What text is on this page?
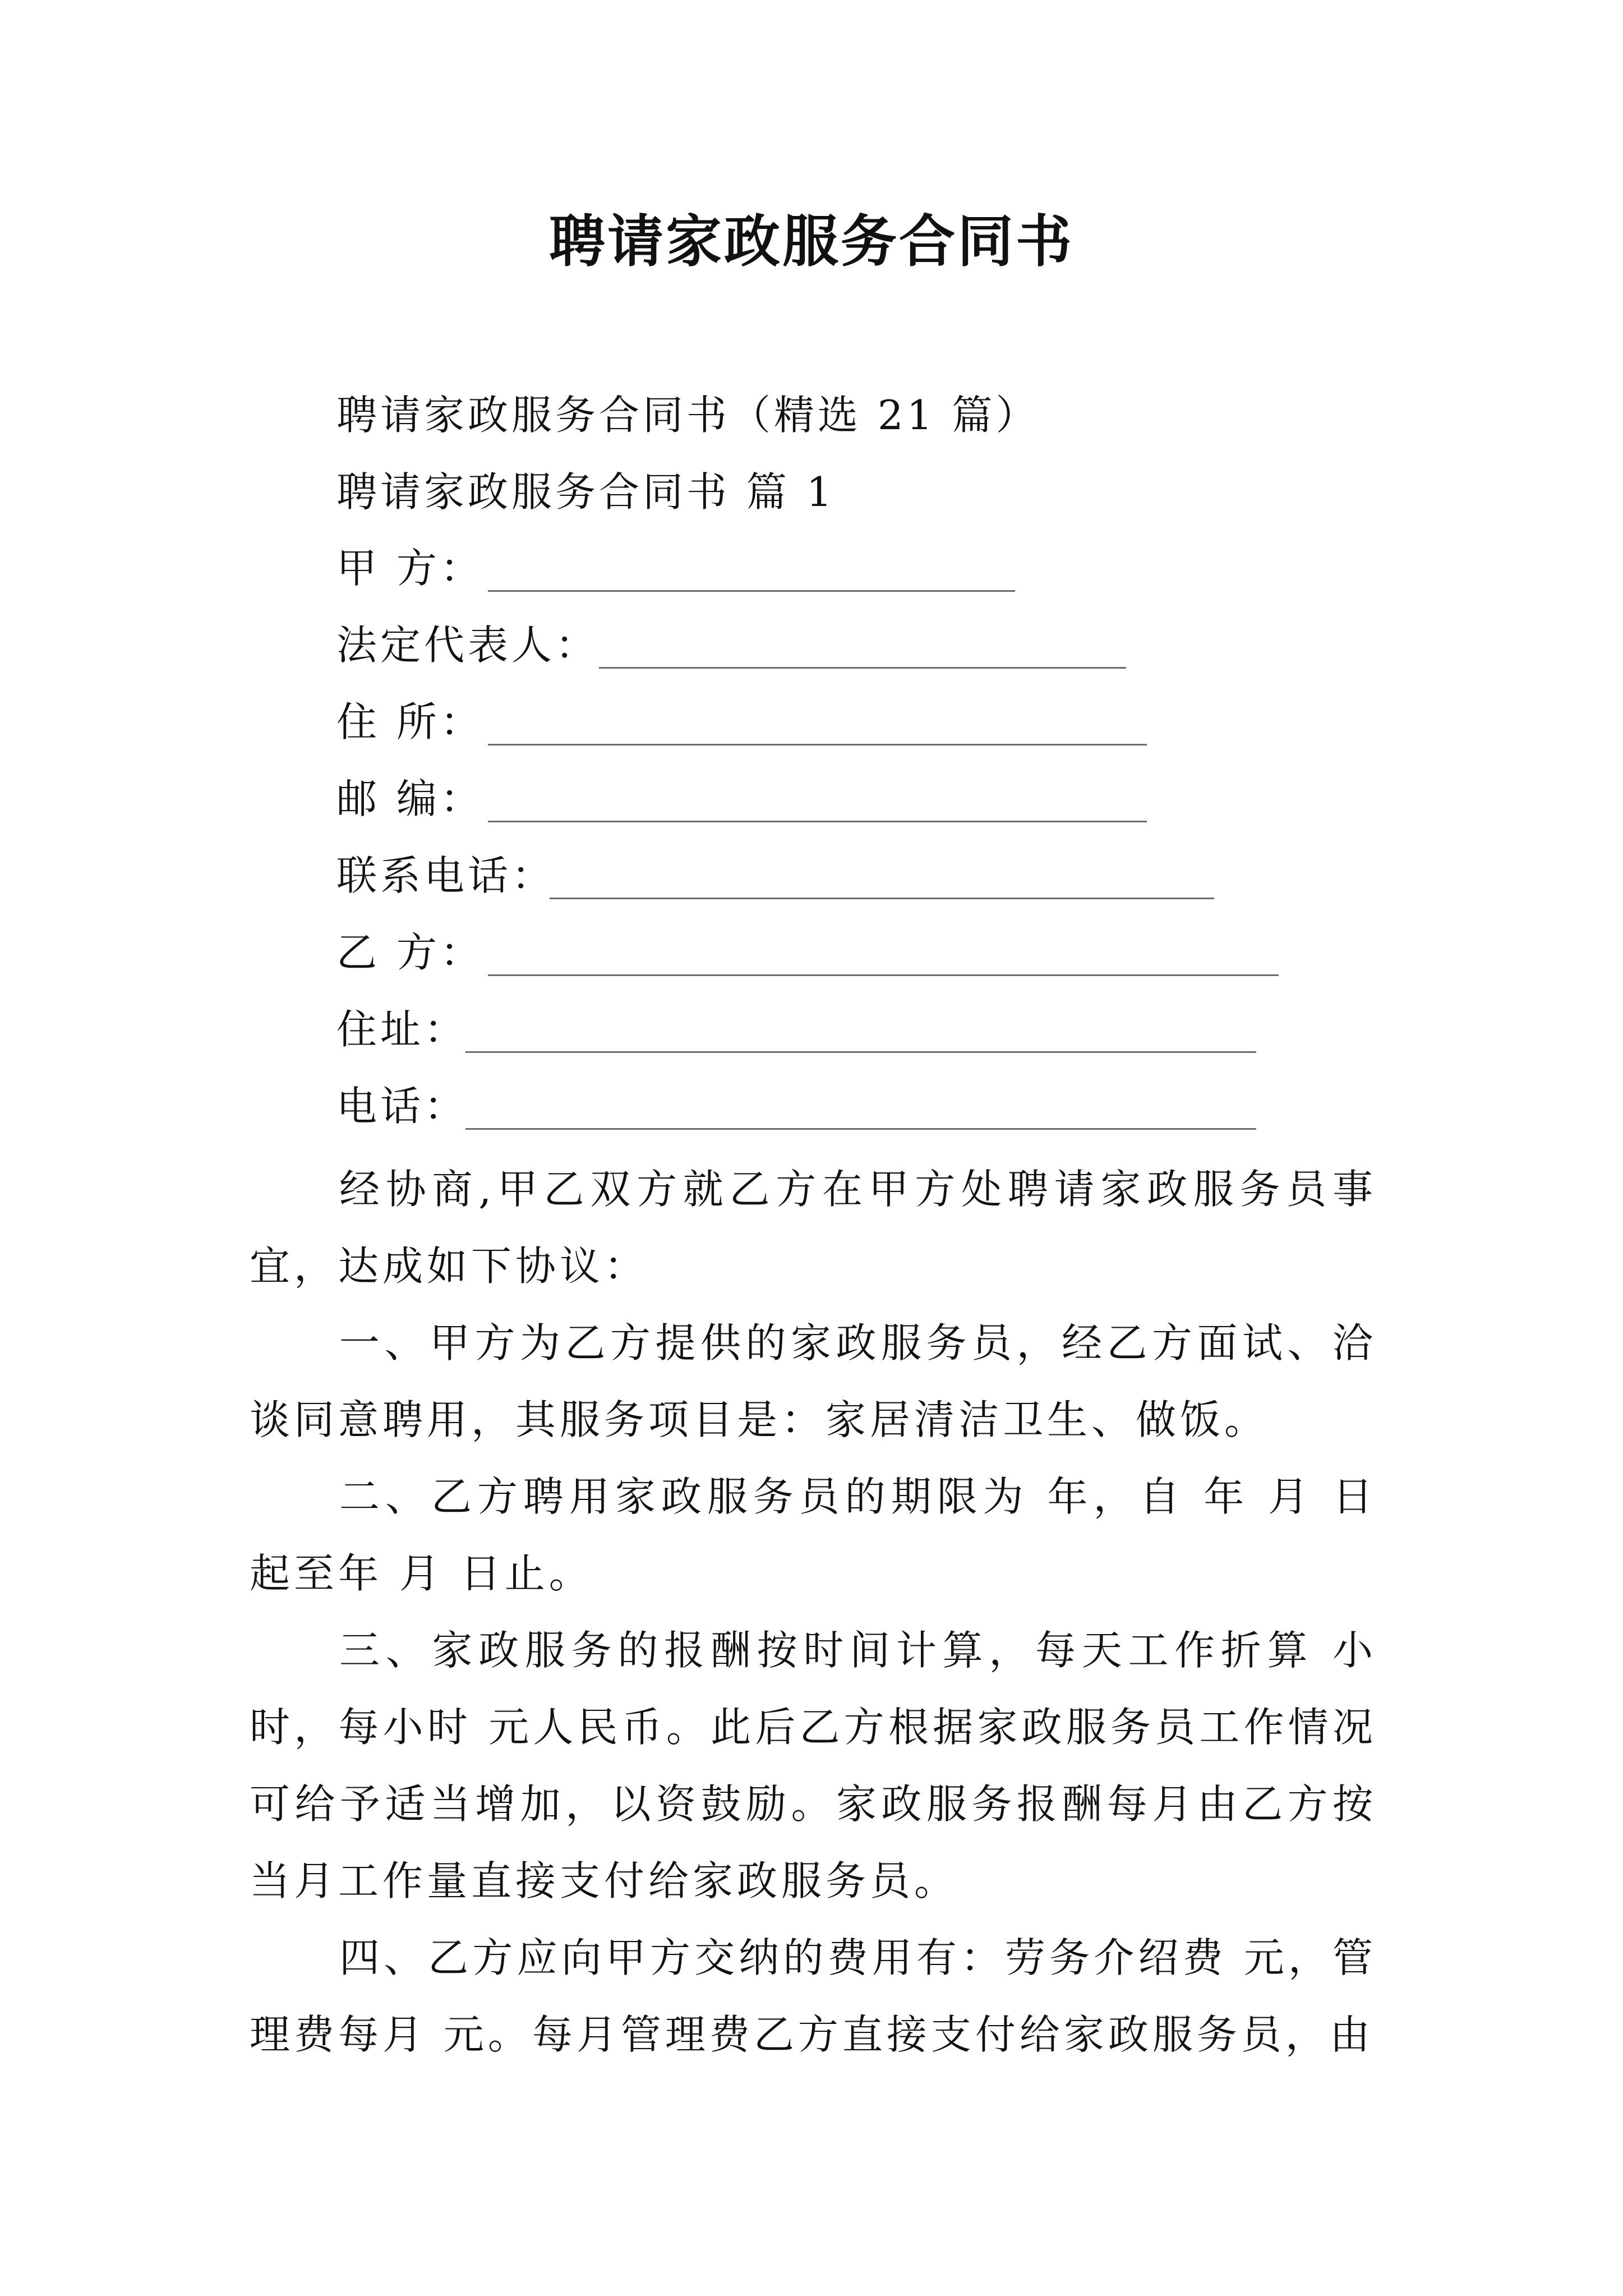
聘请家政服务合同书
聘请家政服务合同书（精选 21 篇）
聘请家政服务合同书 篇 1
甲 方：
法定代表人：
住 所：
邮 编：
联系电话：
乙 方：
住址：
电话：
经协商,甲乙双方就乙方在甲方处聘请家政服务员事宜，达成如下协议：
一、甲方为乙方提供的家政服务员，经乙方面试、洽谈同意聘用，其服务项目是：家居清洁卫生、做饭。
二、乙方聘用家政服务员的期限为 年，自 年 月 日起至年 月 日止。
三、家政服务的报酬按时间计算，每天工作折算 小时，每小时 元人民币。此后乙方根据家政服务员工作情况可给予适当增加，以资鼓励。家政服务报酬每月由乙方按当月工作量直接支付给家政服务员。
四、乙方应向甲方交纳的费用有：劳务介绍费 元，管理费每月 元。每月管理费乙方直接支付给家政服务员，由
